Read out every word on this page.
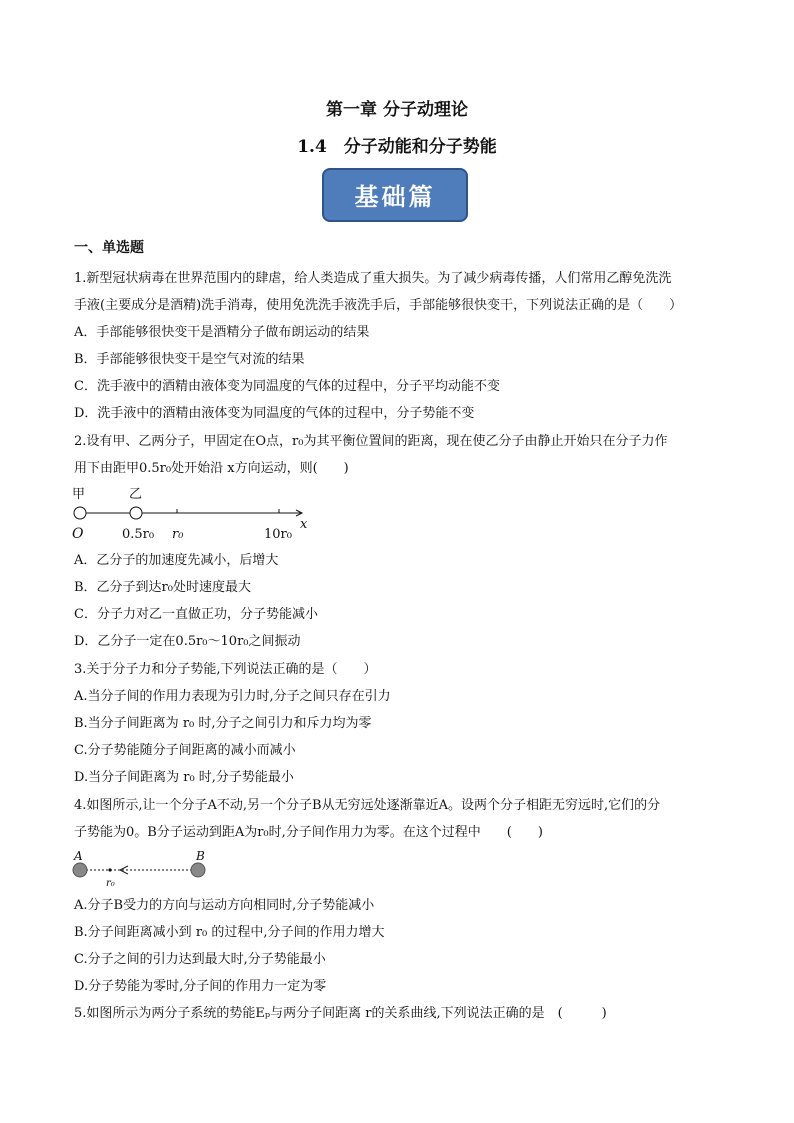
第一章 分子动理论
1.4　分子动能和分子势能
基础篇
一、单选题
1.新型冠状病毒在世界范围内的肆虐，给人类造成了重大损失。为了减少病毒传播，人们常用乙醇免洗洗
手液(主要成分是酒精)洗手消毒，使用免洗洗手液洗手后，手部能够很快变干，下列说法正确的是（　　）
A．手部能够很快变干是酒精分子做布朗运动的结果
B．手部能够很快变干是空气对流的结果
C．洗手液中的酒精由液体变为同温度的气体的过程中，分子平均动能不变
D．洗手液中的酒精由液体变为同温度的气体的过程中，分子势能不变
2.设有甲、乙两分子，甲固定在O点，r₀为其平衡位置间的距离，现在使乙分子由静止开始只在分子力作
用下由距甲0.5r₀处开始沿 x方向运动，则(　　)
甲	乙
O	0.5r₀ r₀	10r₀
x
A．乙分子的加速度先减小，后增大
B．乙分子到达r₀处时速度最大
C．分子力对乙一直做正功，分子势能减小
D．乙分子一定在0.5r₀～10r₀之间振动
3.关于分子力和分子势能,下列说法正确的是（　　）
A.当分子间的作用力表现为引力时,分子之间只存在引力
B.当分子间距离为 r₀ 时,分子之间引力和斥力均为零
C.分子势能随分子间距离的减小而减小
D.当分子间距离为 r₀ 时,分子势能最小
4.如图所示,让一个分子A不动,另一个分子B从无穷远处逐渐靠近A。设两个分子相距无穷远时,它们的分
子势能为0。B分子运动到距A为r₀时,分子间作用力为零。在这个过程中　　(　　)
A	B
r₀
A.分子B受力的方向与运动方向相同时,分子势能减小
B.分子间距离减小到 r₀ 的过程中,分子间的作用力增大
C.分子之间的引力达到最大时,分子势能最小
D.分子势能为零时,分子间的作用力一定为零
5.如图所示为两分子系统的势能Eₚ与两分子间距离 r的关系曲线,下列说法正确的是　(　　　)
